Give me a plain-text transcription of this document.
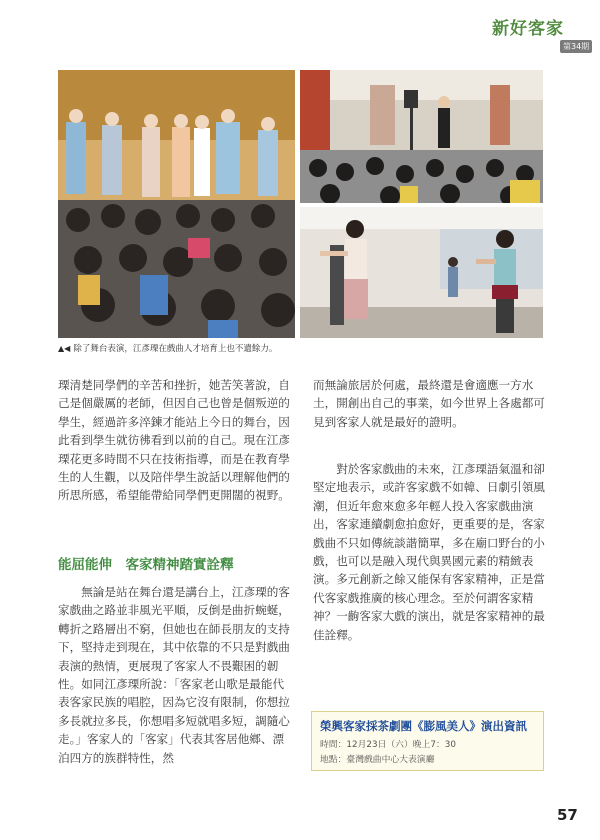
新好客家
第34期
▲◀ 除了舞台表演，江彥瑮在戲曲人才培育上也不遺餘力。

瑮清楚同學們的辛苦和挫折，她苦笑著說，自己是個嚴厲的老師，但因自己也曾是個叛逆的學生，經過許多淬鍊才能站上今日的舞台，因此看到學生就彷彿看到以前的自己。現在江彥瑮花更多時間不只在技術指導，而是在教育學生的人生觀，以及陪伴學生說話以理解他們的所思所感，希望能帶給同學們更開闊的視野。

能屈能伸　客家精神踏實詮釋

　　無論是站在舞台還是講台上，江彥瑮的客家戲曲之路並非風光平順，反倒是曲折蜿蜒，轉折之路層出不窮，但她也在師長朋友的支持下，堅持走到現在，其中依靠的不只是對戲曲表演的熱情，更展現了客家人不畏艱困的韌性。如同江彥瑮所說：「客家老山歌是最能代表客家民族的唱腔，因為它沒有限制，你想拉多長就拉多長，你想唱多短就唱多短，調隨心走。」客家人的「客家」代表其客居他鄉、漂泊四方的族群特性，然

而無論旅居於何處，最終還是會適應一方水土，開創出自己的事業，如今世界上各處都可見到客家人就是最好的證明。

　　對於客家戲曲的未來，江彥瑮語氣溫和卻堅定地表示，或許客家戲不如韓、日劇引領風潮，但近年愈來愈多年輕人投入客家戲曲演出，客家連續劇愈拍愈好，更重要的是，客家戲曲不只如傳統談諧簡單，多在廟口野台的小戲，也可以是融入現代與異國元素的精緻表演。多元創新之餘又能保有客家精神，正是當代客家戲推廣的核心理念。至於何謂客家精神？一齣客家大戲的演出，就是客家精神的最佳詮釋。

榮興客家採茶劇團《膨風美人》演出資訊
時間：12月23日（六）晚上7：30
地點：臺灣戲曲中心大表演廳
57
